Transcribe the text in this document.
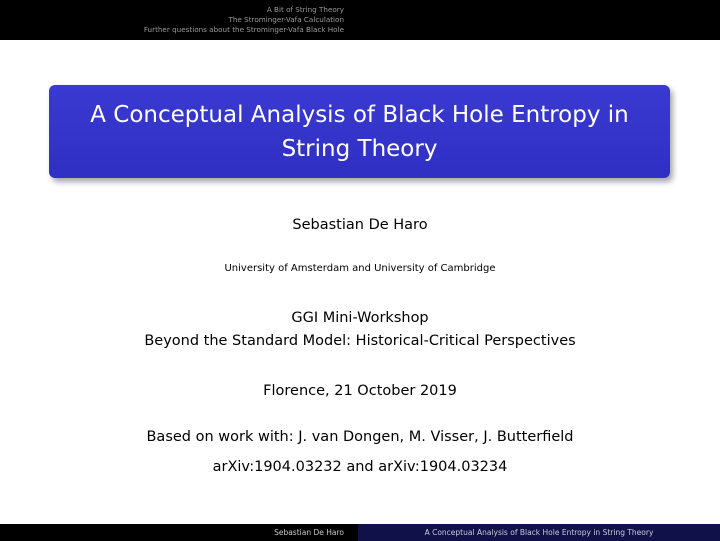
A Bit of String Theory
The Strominger-Vafa Calculation
Further questions about the Strominger-Vafa Black Hole
A Conceptual Analysis of Black Hole Entropy in String Theory
Sebastian De Haro
University of Amsterdam and University of Cambridge
GGI Mini-Workshop
Beyond the Standard Model: Historical-Critical Perspectives
Florence, 21 October 2019
Based on work with: J. van Dongen, M. Visser, J. Butterfield
arXiv:1904.03232 and arXiv:1904.03234
Sebastian De Haro	A Conceptual Analysis of Black Hole Entropy in String Theory
